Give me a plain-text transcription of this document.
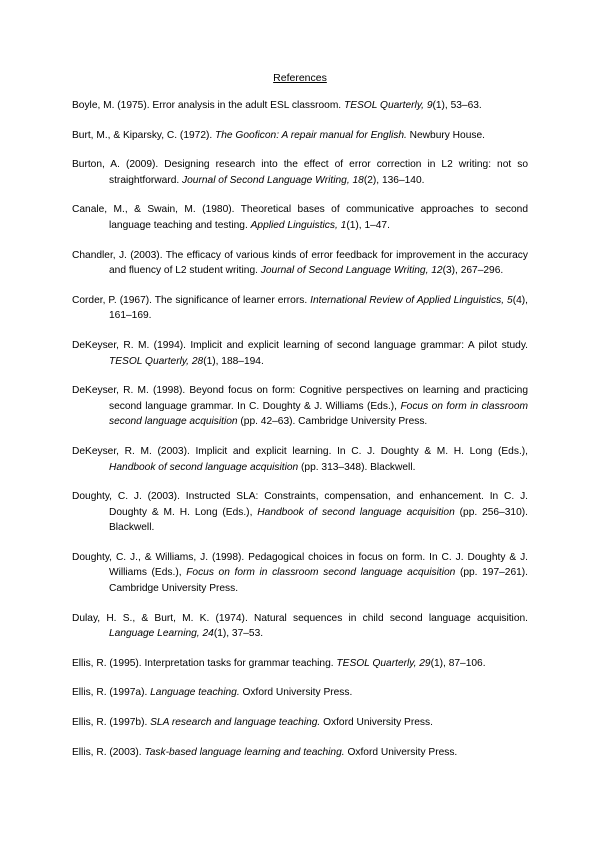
References

Boyle, M. (1975). Error analysis in the adult ESL classroom. TESOL Quarterly, 9(1), 53–63.

Burt, M., & Kiparsky, C. (1972). The Gooficon: A repair manual for English. Newbury House.

Burton, A. (2009). Designing research into the effect of error correction in L2 writing: not so straightforward. Journal of Second Language Writing, 18(2), 136–140.

Canale, M., & Swain, M. (1980). Theoretical bases of communicative approaches to second language teaching and testing. Applied Linguistics, 1(1), 1–47.

Chandler, J. (2003). The efficacy of various kinds of error feedback for improvement in the accuracy and fluency of L2 student writing. Journal of Second Language Writing, 12(3), 267–296.

Corder, P. (1967). The significance of learner errors. International Review of Applied Linguistics, 5(4), 161–169.

DeKeyser, R. M. (1994). Implicit and explicit learning of second language grammar: A pilot study. TESOL Quarterly, 28(1), 188–194.

DeKeyser, R. M. (1998). Beyond focus on form: Cognitive perspectives on learning and practicing second language grammar. In C. Doughty & J. Williams (Eds.), Focus on form in classroom second language acquisition (pp. 42–63). Cambridge University Press.

DeKeyser, R. M. (2003). Implicit and explicit learning. In C. J. Doughty & M. H. Long (Eds.), Handbook of second language acquisition (pp. 313–348). Blackwell.

Doughty, C. J. (2003). Instructed SLA: Constraints, compensation, and enhancement. In C. J. Doughty & M. H. Long (Eds.), Handbook of second language acquisition (pp. 256–310). Blackwell.

Doughty, C. J., & Williams, J. (1998). Pedagogical choices in focus on form. In C. J. Doughty & J. Williams (Eds.), Focus on form in classroom second language acquisition (pp. 197–261). Cambridge University Press.

Dulay, H. S., & Burt, M. K. (1974). Natural sequences in child second language acquisition. Language Learning, 24(1), 37–53.

Ellis, R. (1995). Interpretation tasks for grammar teaching. TESOL Quarterly, 29(1), 87–106.

Ellis, R. (1997a). Language teaching. Oxford University Press.

Ellis, R. (1997b). SLA research and language teaching. Oxford University Press.

Ellis, R. (2003). Task-based language learning and teaching. Oxford University Press.
